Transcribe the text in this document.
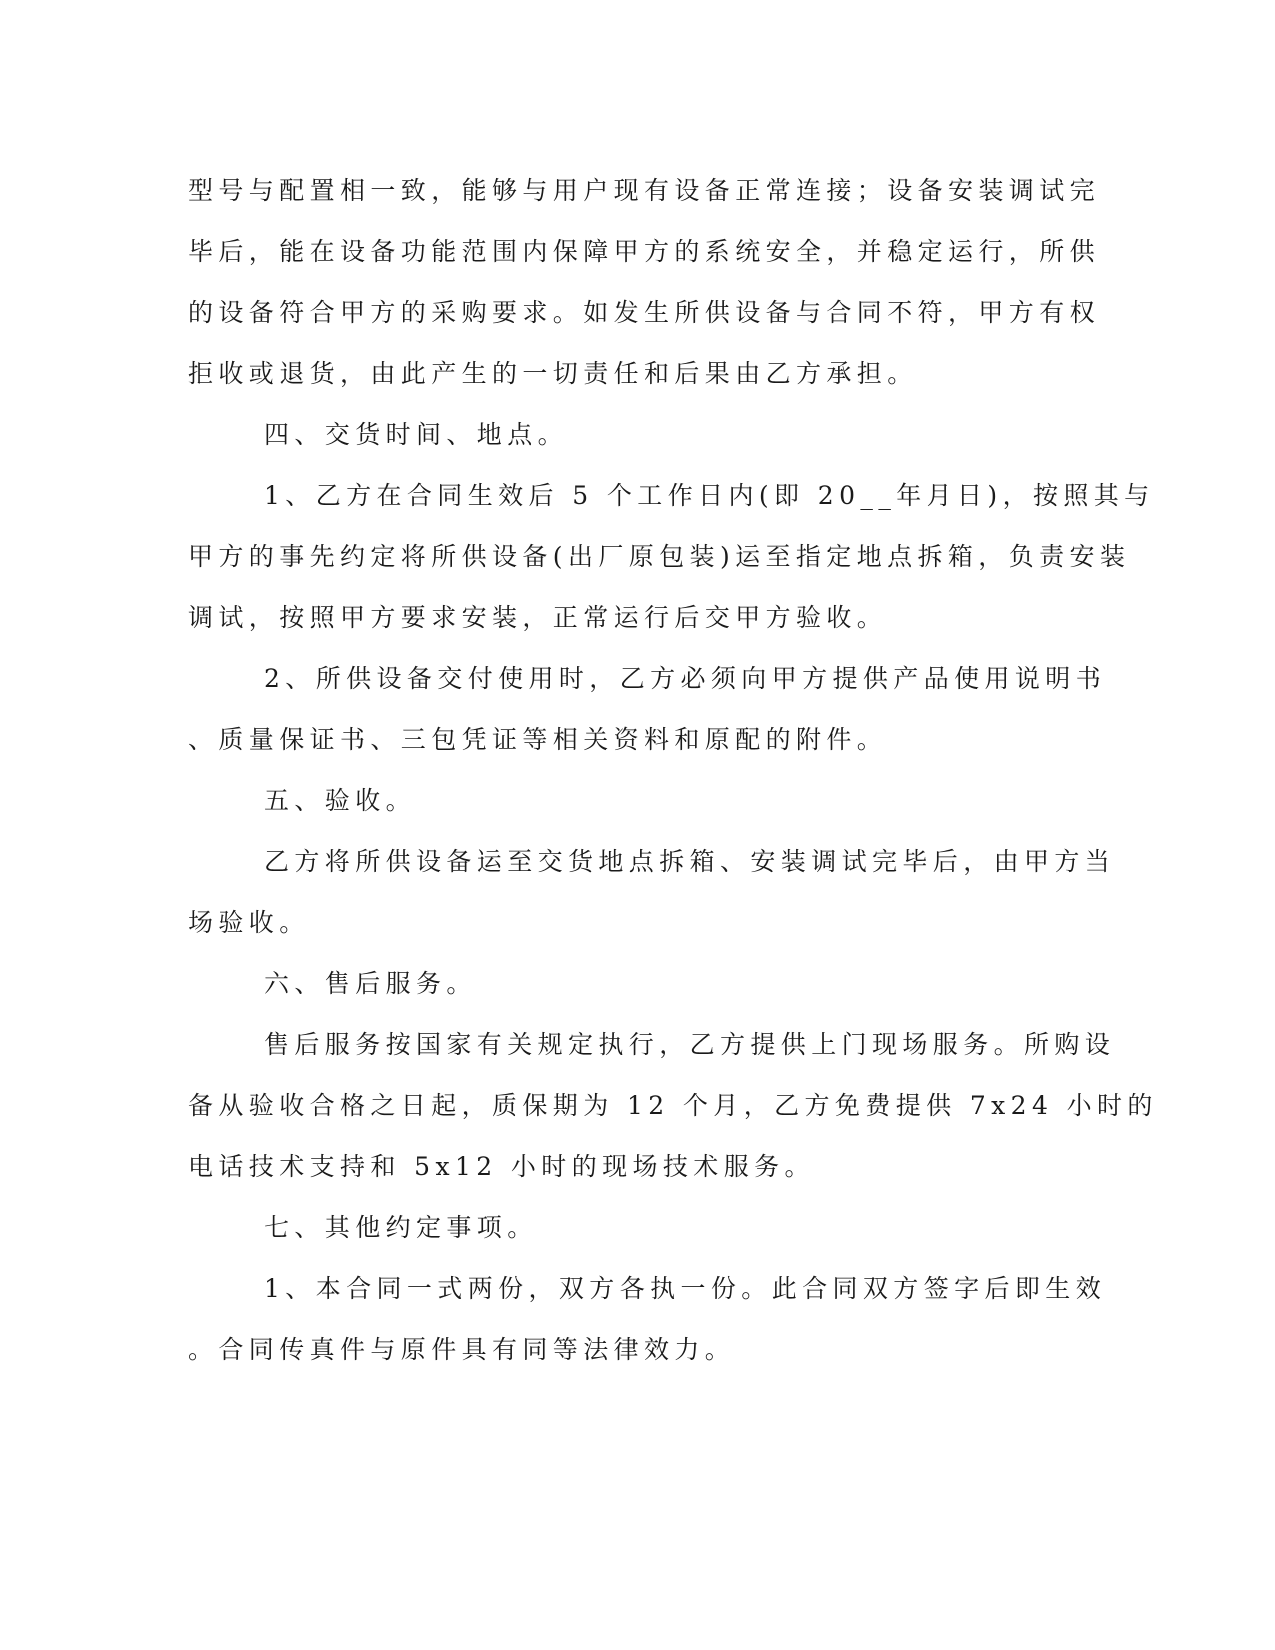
型号与配置相一致，能够与用户现有设备正常连接；设备安装调试完
毕后，能在设备功能范围内保障甲方的系统安全，并稳定运行，所供
的设备符合甲方的采购要求。如发生所供设备与合同不符，甲方有权
拒收或退货，由此产生的一切责任和后果由乙方承担。
四、交货时间、地点。
1、乙方在合同生效后 5 个工作日内(即 20__年月日)，按照其与
甲方的事先约定将所供设备(出厂原包装)运至指定地点拆箱，负责安装
调试，按照甲方要求安装，正常运行后交甲方验收。
2、所供设备交付使用时，乙方必须向甲方提供产品使用说明书
、质量保证书、三包凭证等相关资料和原配的附件。
五、验收。
乙方将所供设备运至交货地点拆箱、安装调试完毕后，由甲方当
场验收。
六、售后服务。
售后服务按国家有关规定执行，乙方提供上门现场服务。所购设
备从验收合格之日起，质保期为 12 个月，乙方免费提供 7x24 小时的
电话技术支持和 5x12 小时的现场技术服务。
七、其他约定事项。
1、本合同一式两份，双方各执一份。此合同双方签字后即生效
。合同传真件与原件具有同等法律效力。
